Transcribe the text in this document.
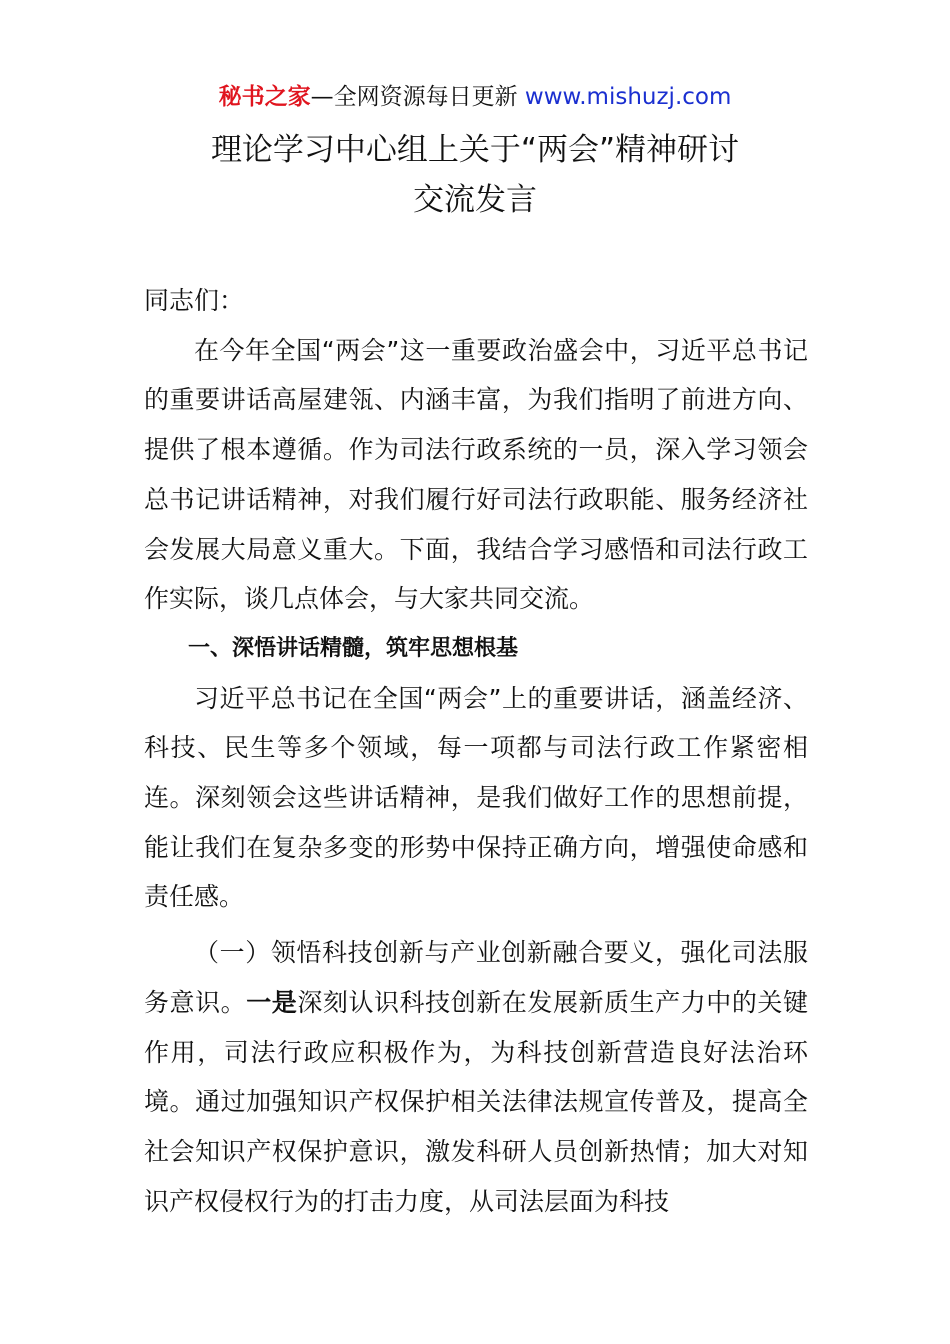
秘书之家—全网资源每日更新 www.mishuzj.com
理论学习中心组上关于“两会”精神研讨
交流发言

同志们：

在今年全国“两会”这一重要政治盛会中，习近平总书记的重要讲话高屋建瓴、内涵丰富，为我们指明了前进方向、提供了根本遵循。作为司法行政系统的一员，深入学习领会总书记讲话精神，对我们履行好司法行政职能、服务经济社会发展大局意义重大。下面，我结合学习感悟和司法行政工作实际，谈几点体会，与大家共同交流。

一、深悟讲话精髓，筑牢思想根基

习近平总书记在全国“两会”上的重要讲话，涵盖经济、科技、民生等多个领域，每一项都与司法行政工作紧密相连。深刻领会这些讲话精神，是我们做好工作的思想前提，能让我们在复杂多变的形势中保持正确方向，增强使命感和责任感。

（一）领悟科技创新与产业创新融合要义，强化司法服务意识。一是深刻认识科技创新在发展新质生产力中的关键作用，司法行政应积极作为，为科技创新营造良好法治环境。通过加强知识产权保护相关法律法规宣传普及，提高全社会知识产权保护意识，激发科研人员创新热情；加大对知识产权侵权行为的打击力度，从司法层面为科技
